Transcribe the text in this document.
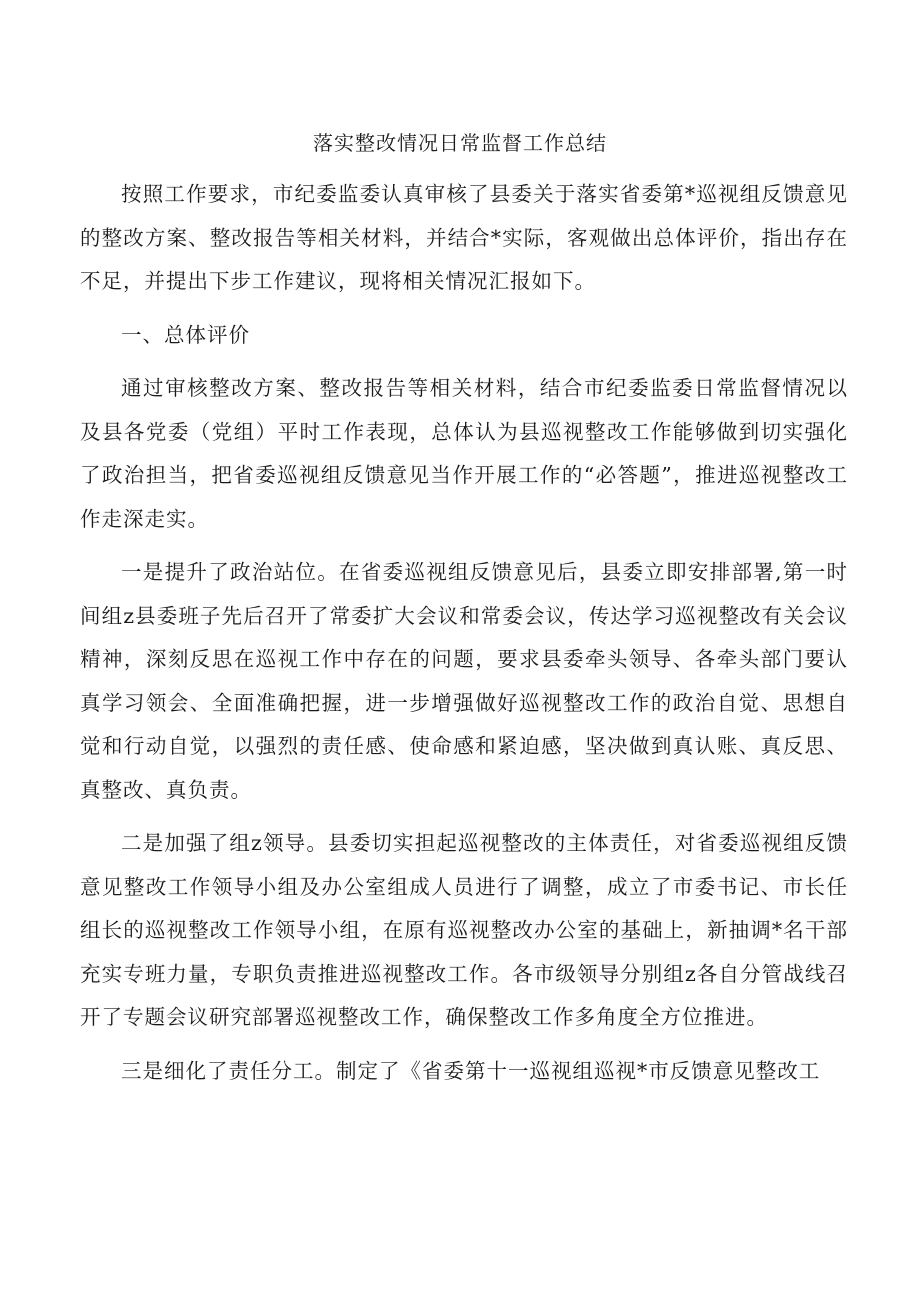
落实整改情况日常监督工作总结

按照工作要求，市纪委监委认真审核了县委关于落实省委第*巡视组反馈意见的整改方案、整改报告等相关材料，并结合*实际，客观做出总体评价，指出存在不足，并提出下步工作建议，现将相关情况汇报如下。

一、总体评价

通过审核整改方案、整改报告等相关材料，结合市纪委监委日常监督情况以及县各党委（党组）平时工作表现，总体认为县巡视整改工作能够做到切实强化了政治担当，把省委巡视组反馈意见当作开展工作的“必答题”，推进巡视整改工作走深走实。

一是提升了政治站位。在省委巡视组反馈意见后，县委立即安排部署,第一时间组z县委班子先后召开了常委扩大会议和常委会议，传达学习巡视整改有关会议精神，深刻反思在巡视工作中存在的问题，要求县委牵头领导、各牵头部门要认真学习领会、全面准确把握，进一步增强做好巡视整改工作的政治自觉、思想自觉和行动自觉，以强烈的责任感、使命感和紧迫感，坚决做到真认账、真反思、真整改、真负责。

二是加强了组z领导。县委切实担起巡视整改的主体责任，对省委巡视组反馈意见整改工作领导小组及办公室组成人员进行了调整，成立了市委书记、市长任组长的巡视整改工作领导小组，在原有巡视整改办公室的基础上，新抽调*名干部充实专班力量，专职负责推进巡视整改工作。各市级领导分别组z各自分管战线召开了专题会议研究部署巡视整改工作，确保整改工作多角度全方位推进。

三是细化了责任分工。制定了《省委第十一巡视组巡视*市反馈意见整改工
